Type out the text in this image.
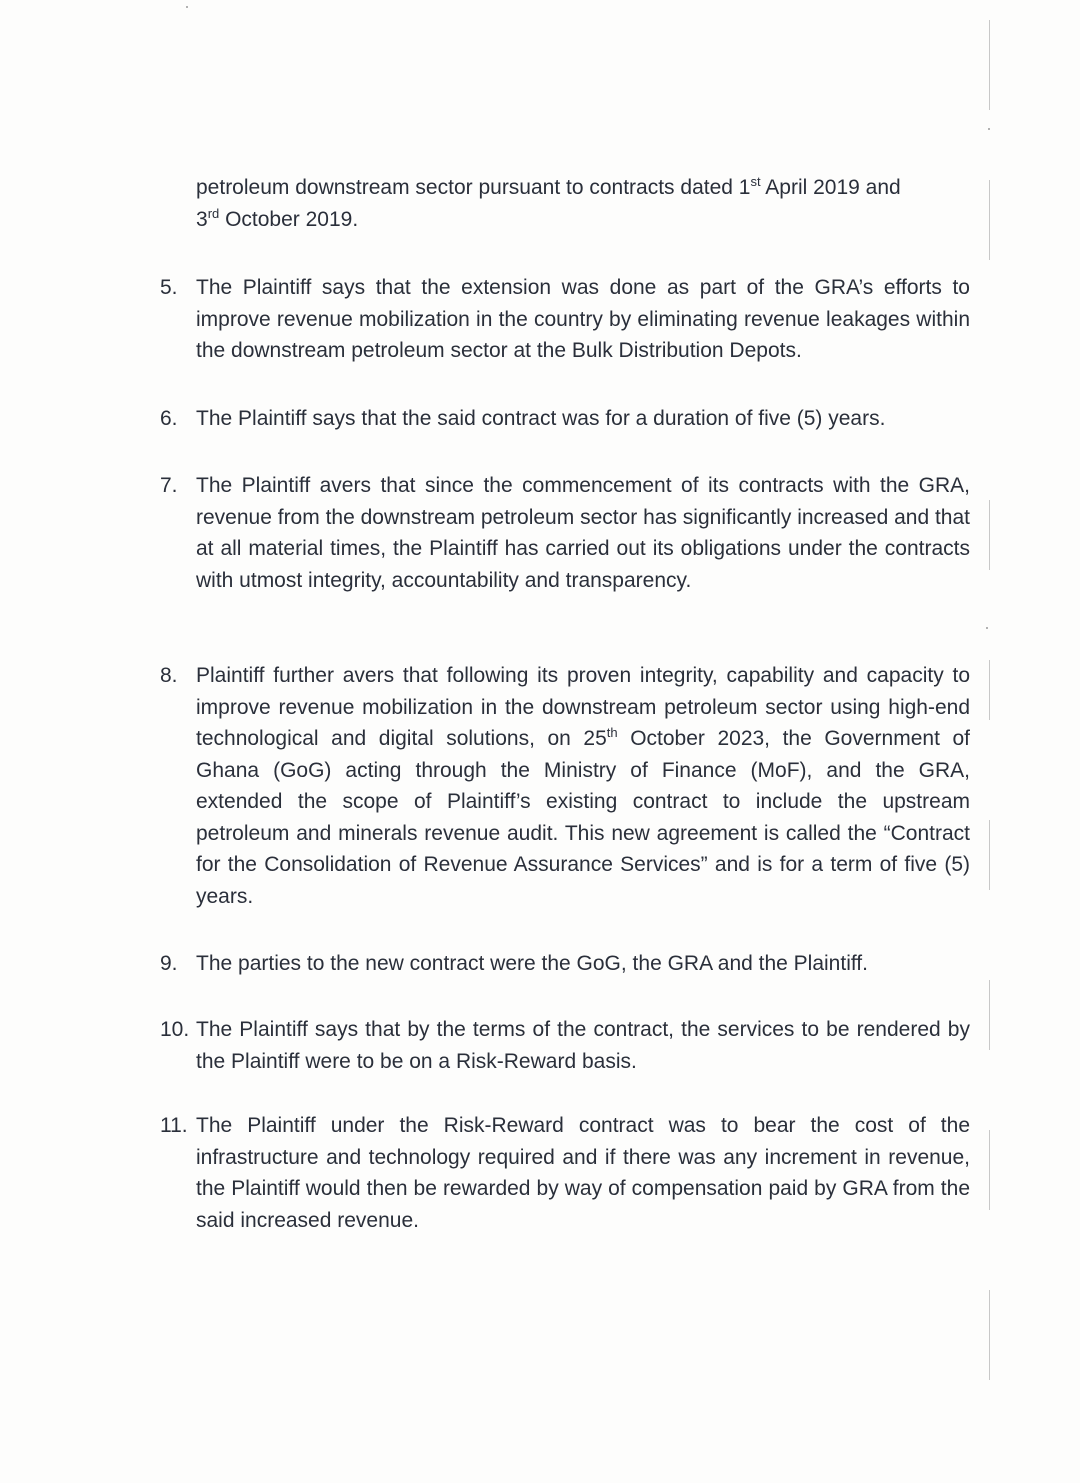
petroleum downstream sector pursuant to contracts dated 1st April 2019 and
3rd October 2019.
5. The Plaintiff says that the extension was done as part of the GRA’s efforts to improve revenue mobilization in the country by eliminating revenue leakages within the downstream petroleum sector at the Bulk Distribution Depots.
6. The Plaintiff says that the said contract was for a duration of five (5) years.
7. The Plaintiff avers that since the commencement of its contracts with the GRA, revenue from the downstream petroleum sector has significantly increased and that at all material times, the Plaintiff has carried out its obligations under the contracts with utmost integrity, accountability and transparency.
8. Plaintiff further avers that following its proven integrity, capability and capacity to improve revenue mobilization in the downstream petroleum sector using high-end technological and digital solutions, on 25th October 2023, the Government of Ghana (GoG) acting through the Ministry of Finance (MoF), and the GRA, extended the scope of Plaintiff’s existing contract to include the upstream petroleum and minerals revenue audit. This new agreement is called the “Contract for the Consolidation of Revenue Assurance Services” and is for a term of five (5) years.
9. The parties to the new contract were the GoG, the GRA and the Plaintiff.
10. The Plaintiff says that by the terms of the contract, the services to be rendered by the Plaintiff were to be on a Risk-Reward basis.
11. The Plaintiff under the Risk-Reward contract was to bear the cost of the infrastructure and technology required and if there was any increment in revenue, the Plaintiff would then be rewarded by way of compensation paid by GRA from the said increased revenue.
